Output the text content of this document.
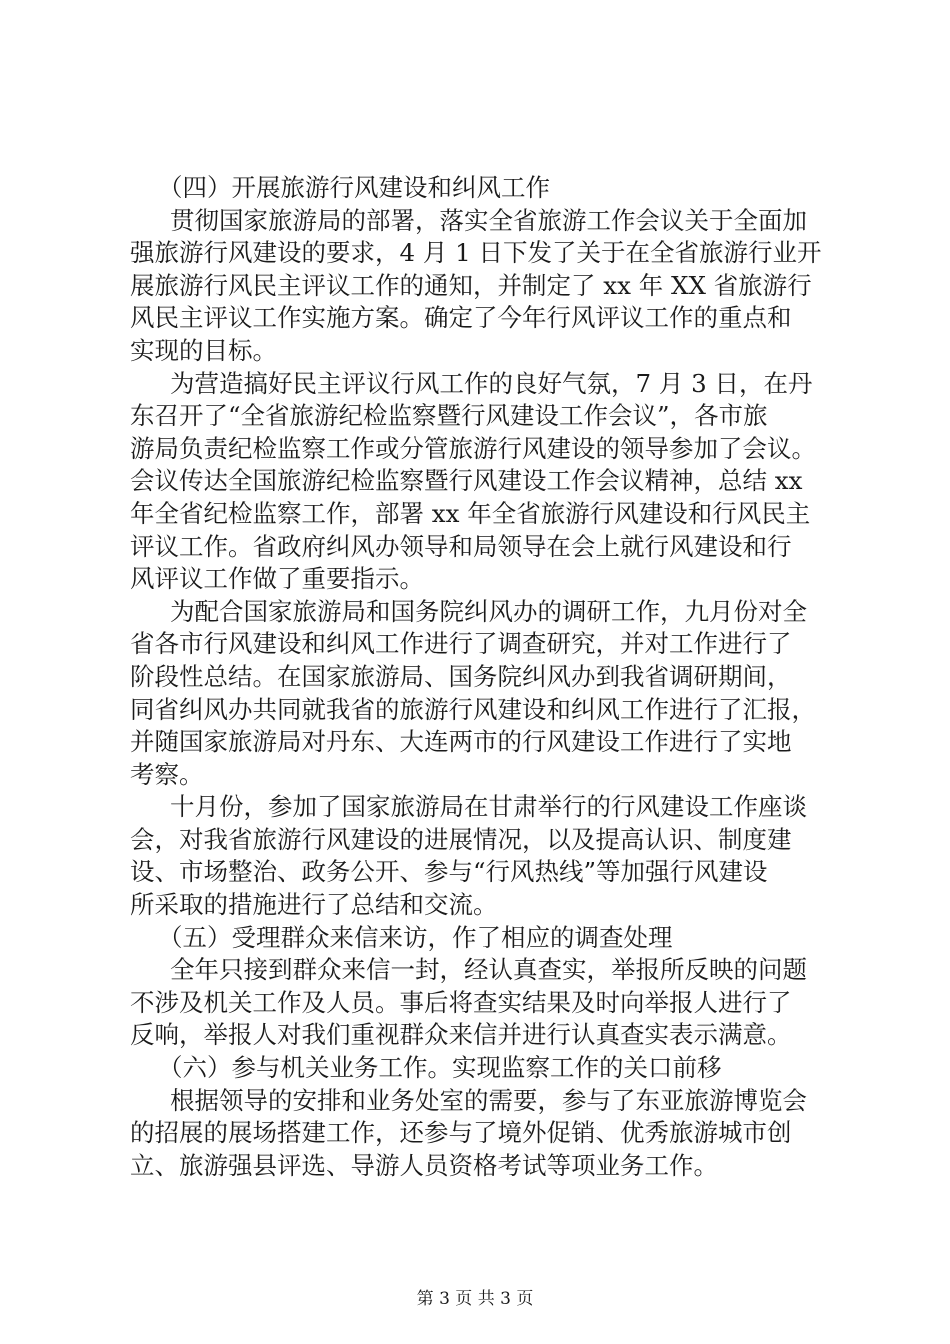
（四）开展旅游行风建设和纠风工作
贯彻国家旅游局的部署，落实全省旅游工作会议关于全面加
强旅游行风建设的要求，4 月 1 日下发了关于在全省旅游行业开
展旅游行风民主评议工作的通知，并制定了 xx 年 XX 省旅游行
风民主评议工作实施方案。确定了今年行风评议工作的重点和
实现的目标。
为营造搞好民主评议行风工作的良好气氛，7 月 3 日，在丹
东召开了“全省旅游纪检监察暨行风建设工作会议”，各市旅
游局负责纪检监察工作或分管旅游行风建设的领导参加了会议。
会议传达全国旅游纪检监察暨行风建设工作会议精神，总结 xx
年全省纪检监察工作，部署 xx 年全省旅游行风建设和行风民主
评议工作。省政府纠风办领导和局领导在会上就行风建设和行
风评议工作做了重要指示。
为配合国家旅游局和国务院纠风办的调研工作，九月份对全
省各市行风建设和纠风工作进行了调查研究，并对工作进行了
阶段性总结。在国家旅游局、国务院纠风办到我省调研期间，
同省纠风办共同就我省的旅游行风建设和纠风工作进行了汇报，
并随国家旅游局对丹东、大连两市的行风建设工作进行了实地
考察。
十月份，参加了国家旅游局在甘肃举行的行风建设工作座谈
会，对我省旅游行风建设的进展情况，以及提高认识、制度建
设、市场整治、政务公开、参与“行风热线”等加强行风建设
所采取的措施进行了总结和交流。
（五）受理群众来信来访，作了相应的调查处理
全年只接到群众来信一封，经认真查实，举报所反映的问题
不涉及机关工作及人员。事后将查实结果及时向举报人进行了
反响，举报人对我们重视群众来信并进行认真查实表示满意。
（六）参与机关业务工作。实现监察工作的关口前移
根据领导的安排和业务处室的需要，参与了东亚旅游博览会
的招展的展场搭建工作，还参与了境外促销、优秀旅游城市创
立、旅游强县评选、导游人员资格考试等项业务工作。
第 3 页 共 3 页
